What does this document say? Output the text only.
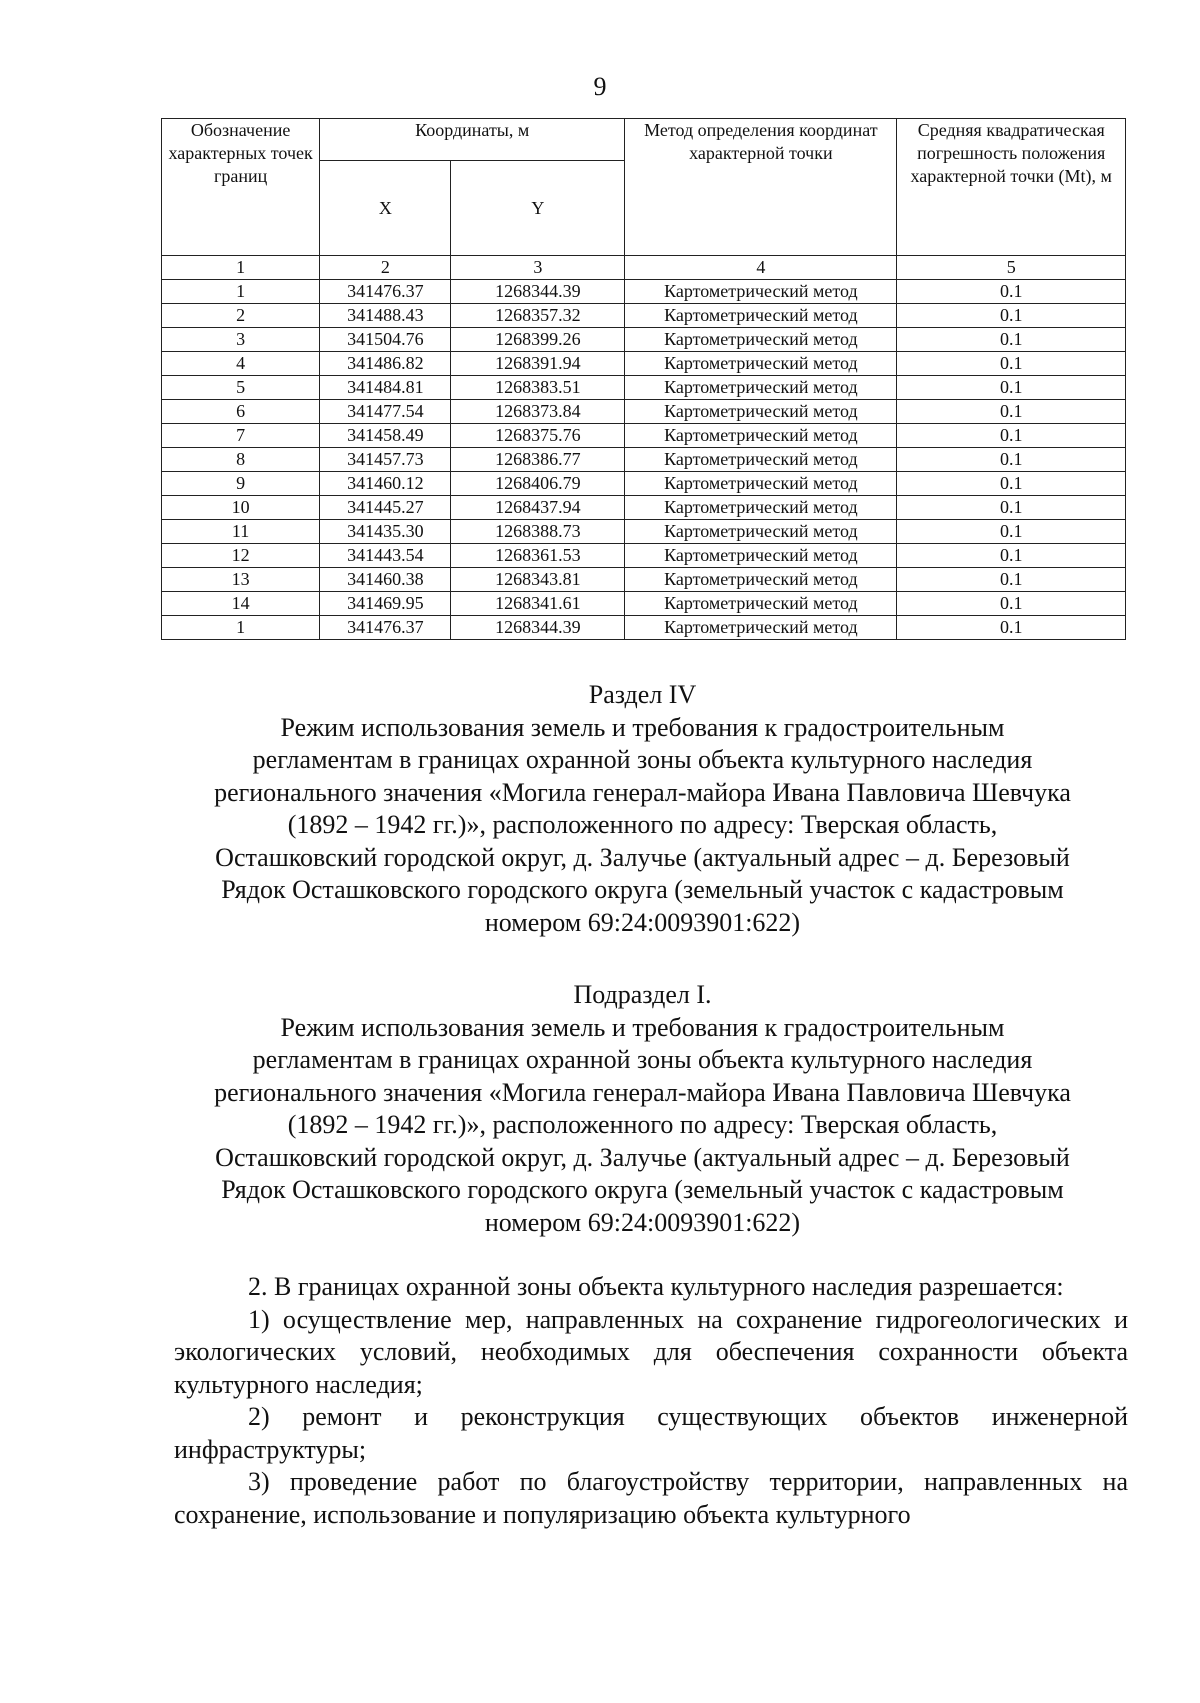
9
Обозначение характерных точек границ	Координаты, м		Метод определения координат характерной точки	Средняя квадратическая погрешность положения характерной точки (Mt), м
	X	Y		
1	2	3	4	5
1	341476.37	1268344.39	Картометрический метод	0.1
2	341488.43	1268357.32	Картометрический метод	0.1
3	341504.76	1268399.26	Картометрический метод	0.1
4	341486.82	1268391.94	Картометрический метод	0.1
5	341484.81	1268383.51	Картометрический метод	0.1
6	341477.54	1268373.84	Картометрический метод	0.1
7	341458.49	1268375.76	Картометрический метод	0.1
8	341457.73	1268386.77	Картометрический метод	0.1
9	341460.12	1268406.79	Картометрический метод	0.1
10	341445.27	1268437.94	Картометрический метод	0.1
11	341435.30	1268388.73	Картометрический метод	0.1
12	341443.54	1268361.53	Картометрический метод	0.1
13	341460.38	1268343.81	Картометрический метод	0.1
14	341469.95	1268341.61	Картометрический метод	0.1
1	341476.37	1268344.39	Картометрический метод	0.1

Раздел IV

Режим использования земель и требования к градостроительным

регламентам в границах охранной зоны объекта культурного наследия

регионального значения «Могила генерал-майора Ивана Павловича Шевчука

(1892 – 1942 гг.)», расположенного по адресу: Тверская область,

Осташковский городской округ, д. Залучье (актуальный адрес – д. Березовый

Рядок Осташковского городского округа (земельный участок с кадастровым

номером 69:24:0093901:622)

Подраздел I.

Режим использования земель и требования к градостроительным

регламентам в границах охранной зоны объекта культурного наследия

регионального значения «Могила генерал-майора Ивана Павловича Шевчука

(1892 – 1942 гг.)», расположенного по адресу: Тверская область,

Осташковский городской округ, д. Залучье (актуальный адрес – д. Березовый

Рядок Осташковского городского округа (земельный участок с кадастровым

номером 69:24:0093901:622)

2. В границах охранной зоны объекта культурного наследия разрешается:

1) осуществление мер, направленных на сохранение гидрогеологических и экологических условий, необходимых для обеспечения сохранности объекта культурного наследия;

2) ремонт и реконструкция существующих объектов инженерной инфраструктуры;

3) проведение работ по благоустройству территории, направленных на сохранение, использование и популяризацию объекта культурного
